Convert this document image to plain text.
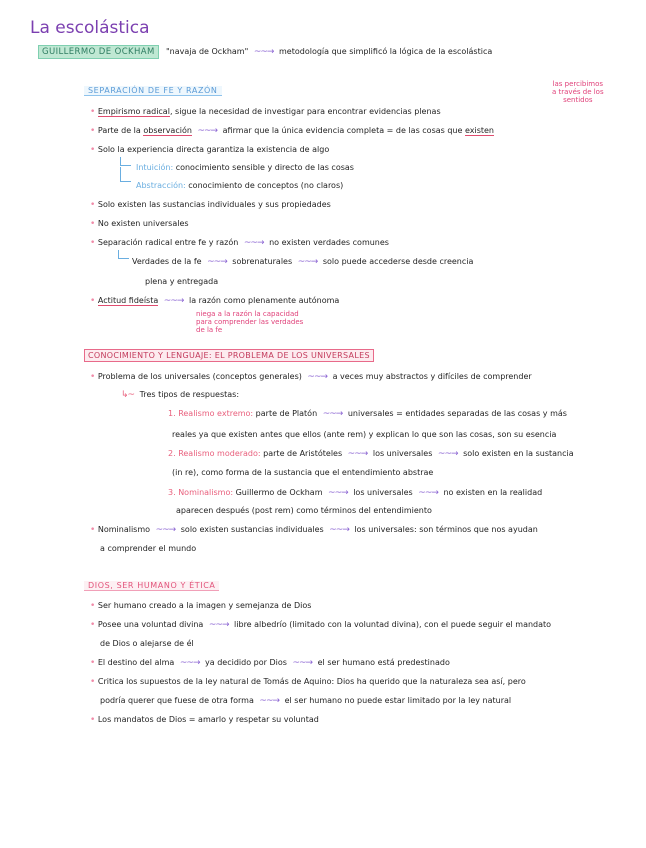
La escolástica
GUILLERMO DE OCKHAM	"navaja de Ockham" ~~→ metodología que simplificó la lógica de la escolástica
SEPARACIÓN DE FE Y RAZÓN
las percibimos
a través de los
sentidos
• Empirismo radical, sigue la necesidad de investigar para encontrar evidencias plenas
• Parte de la observación ~~→ afirmar que la única evidencia completa = de las cosas que existen
• Solo la experiencia directa garantiza la existencia de algo
Intuición: conocimiento sensible y directo de las cosas
Abstracción: conocimiento de conceptos (no claros)
• Solo existen las sustancias individuales y sus propiedades
• No existen universales
• Separación radical entre fe y razón ~~→ no existen verdades comunes
Verdades de la fe ~~→ sobrenaturales ~~→ solo puede accederse desde creencia
plena y entregada
• Actitud fideísta ~~→ la razón como plenamente autónoma
niega a la razón la capacidad
para comprender las verdades
de la fe
CONOCIMIENTO Y LENGUAJE: EL PROBLEMA DE LOS UNIVERSALES
• Problema de los universales (conceptos generales) ~~→ a veces muy abstractos y difíciles de comprender
↳~ Tres tipos de respuestas:
1. Realismo extremo: parte de Platón ~~→ universales = entidades separadas de las cosas y más
reales ya que existen antes que ellos (ante rem) y explican lo que son las cosas, son su esencia
2. Realismo moderado: parte de Aristóteles ~~→ los universales ~~→ solo existen en la sustancia
(in re), como forma de la sustancia que el entendimiento abstrae
3. Nominalismo: Guillermo de Ockham ~~→ los universales ~~→ no existen en la realidad
aparecen después (post rem) como términos del entendimiento
• Nominalismo ~~→ solo existen sustancias individuales ~~→ los universales: son términos que nos ayudan
a comprender el mundo
DIOS, SER HUMANO Y ÉTICA
• Ser humano creado a la imagen y semejanza de Dios
• Posee una voluntad divina ~~→ libre albedrío (limitado con la voluntad divina), con el puede seguir el mandato
de Dios o alejarse de él
• El destino del alma ~~→ ya decidido por Dios ~~→ el ser humano está predestinado
• Critica los supuestos de la ley natural de Tomás de Aquino: Dios ha querido que la naturaleza sea así, pero
podría querer que fuese de otra forma ~~→ el ser humano no puede estar limitado por la ley natural
• Los mandatos de Dios = amarlo y respetar su voluntad
